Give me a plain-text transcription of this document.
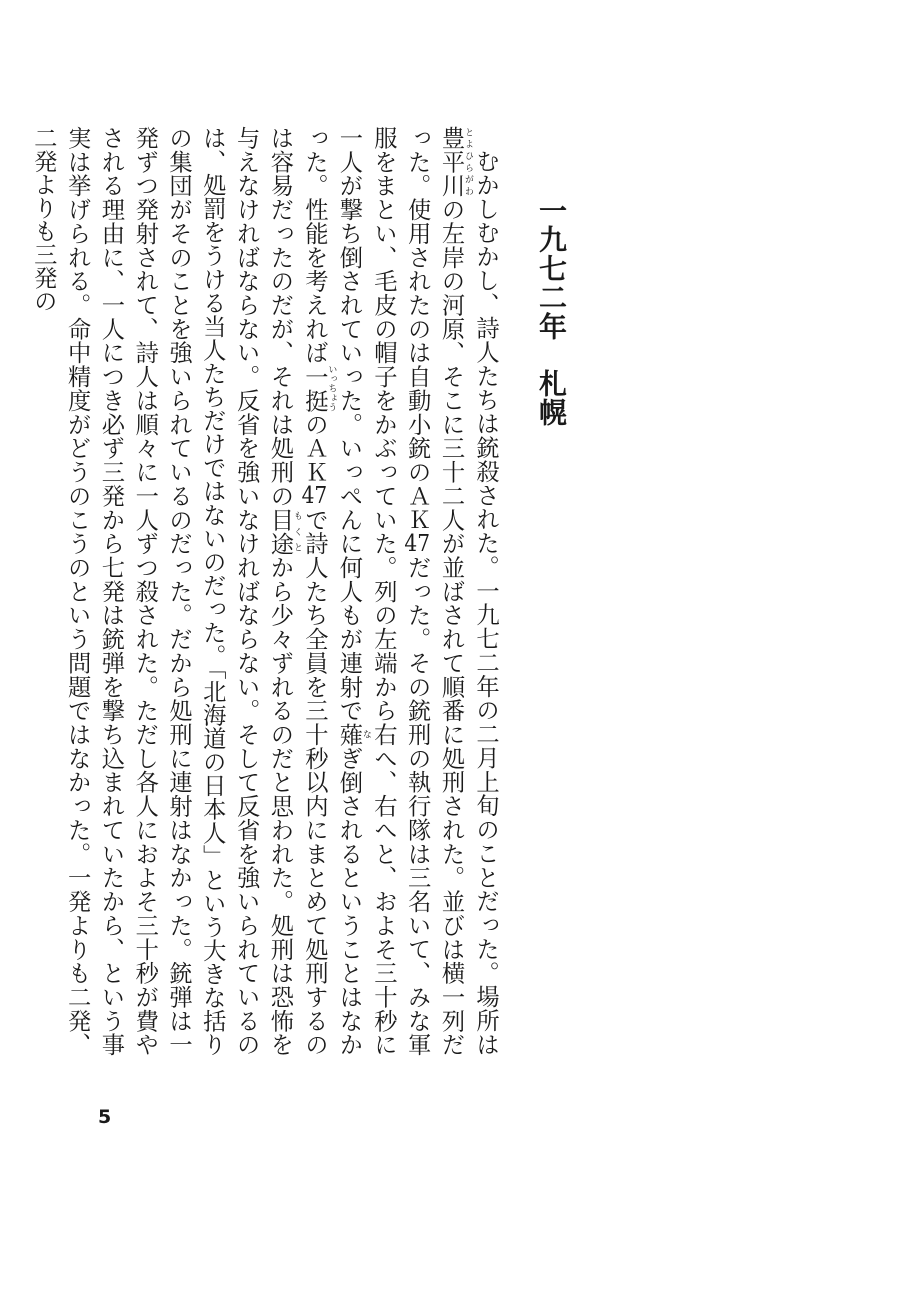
一九七二年札幌

むかしむかし、詩人たちは銃殺された。一九七二年の二月上旬のことだった。場所は豊平川とよひらがわの左岸の河原、そこに三十二人が並ばされて順番に処刑された。並びは横一列だった。使用されたのは自動小銃のＡＫ47だった。その銃刑の執行隊は三名いて、みな軍服をまとい、毛皮の帽子をかぶっていた。列の左端から右へ、右へと、およそ三十秒に一人が撃ち倒されていった。いっぺんに何人もが連射で薙なぎ倒されるということはなかった。性能を考えれば一挺いっちょうのＡＫ47で詩人たち全員を三十秒以内にまとめて処刑するのは容易だったのだが、それは処刑の目途もくとから少々ずれるのだと思われた。処刑は恐怖を与えなければならない。反省を強いなければならない。そして反省を強いられているのは、処罰をうける当人たちだけではないのだった。「北海道の日本人」という大きな括りの集団がそのことを強いられているのだった。だから処刑に連射はなかった。銃弾は一発ずつ発射されて、詩人は順々に一人ずつ殺された。ただし各人におよそ三十秒が費やされる理由に、一人につき必ず三発から七発は銃弾を撃ち込まれていたから、という事実は挙げられる。命中精度がどうのこうのという問題ではなかった。一発よりも二発、二発よりも三発の

5
